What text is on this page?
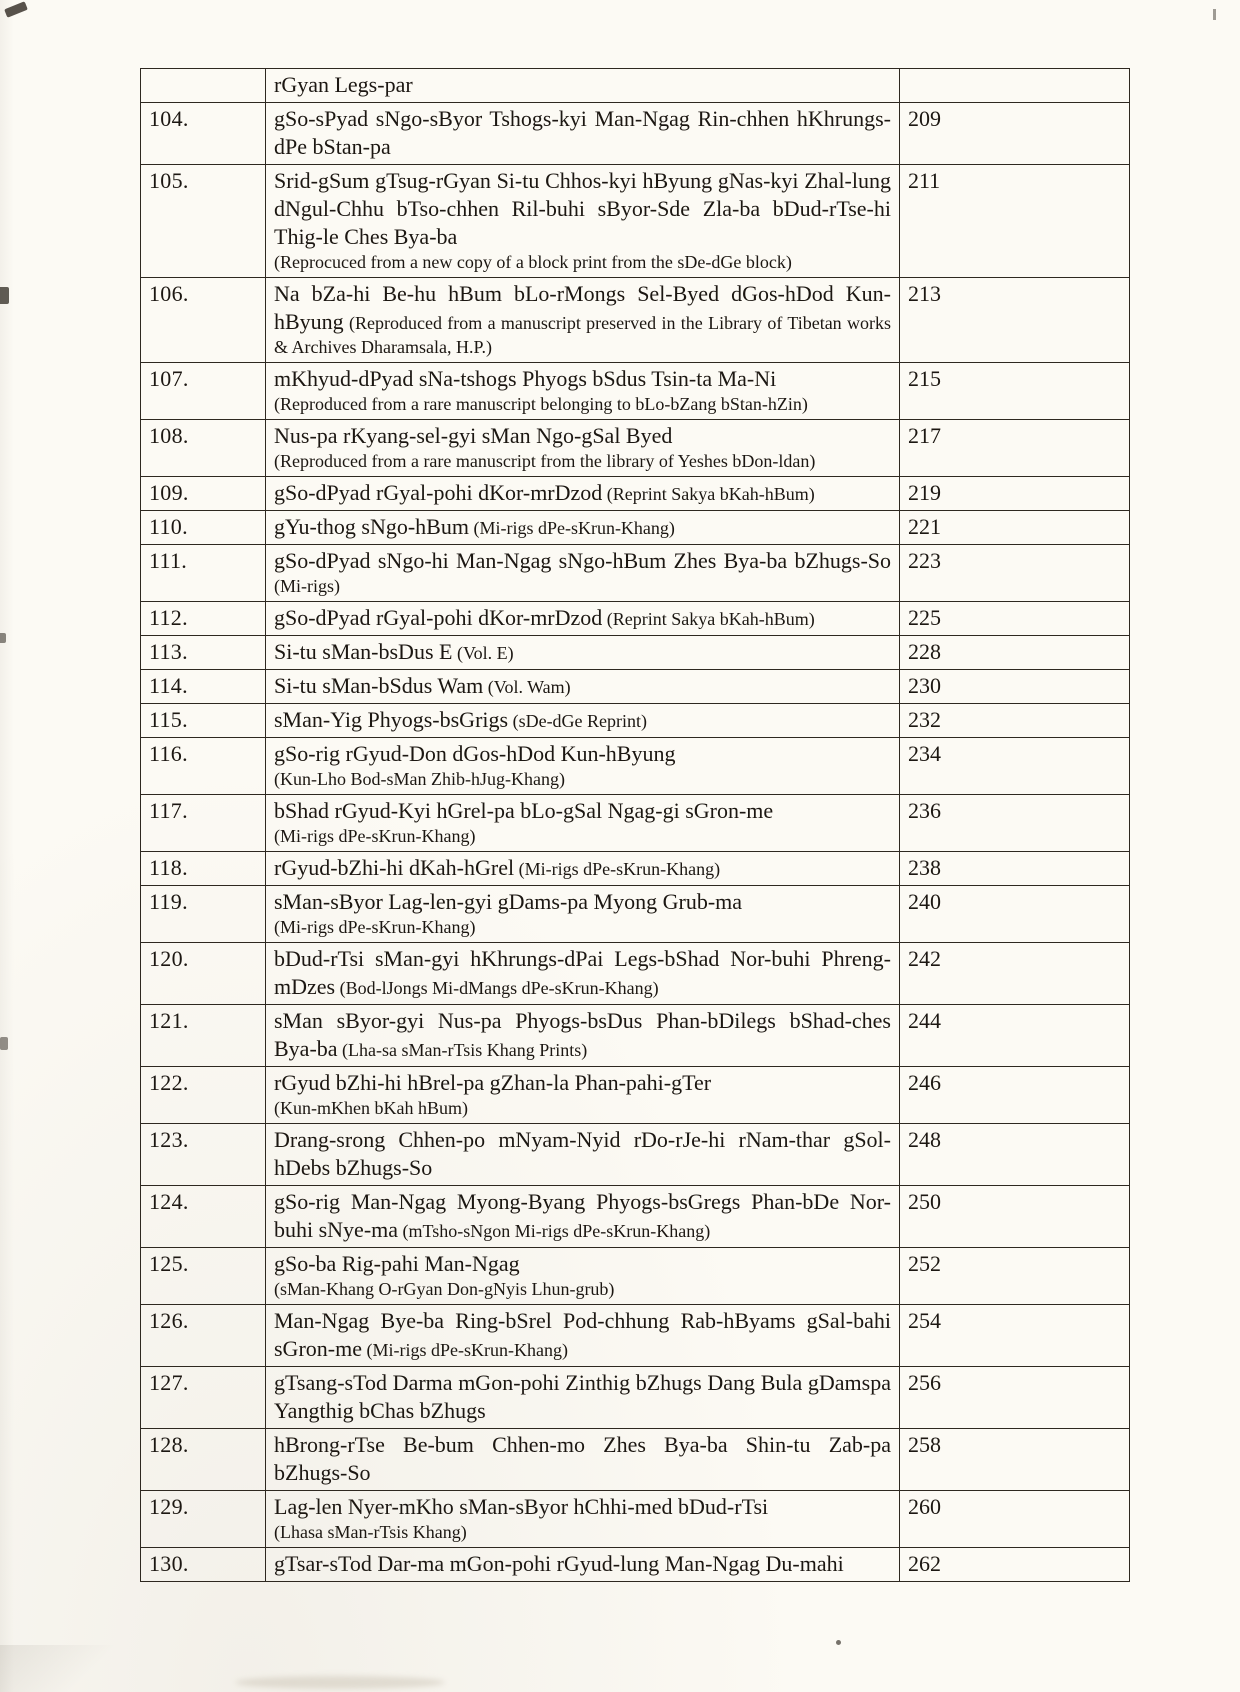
	rGyan Legs-par	
104.	gSo-sPyad sNgo-sByor Tshogs-kyi Man-Ngag Rin-chhen hKhrungs-dPe bStan-pa	209
105.	Srid-gSum gTsug-rGyan Si-tu Chhos-kyi hByung gNas-kyi Zhal-lung dNgul-Chhu bTso-chhen Ril-buhi sByor-Sde Zla-ba bDud-rTse-hi Thig-le Ches Bya-ba
(Reprocuced from a new copy of a block print from the sDe-dGe block)	211
106.	Na bZa-hi Be-hu hBum bLo-rMongs Sel-Byed dGos-hDod Kun-hByung (Reproduced from a manuscript preserved in the Library of Tibetan works & Archives Dharamsala, H.P.)	213
107.	mKhyud-dPyad sNa-tshogs Phyogs bSdus Tsin-ta Ma-Ni
(Reproduced from a rare manuscript belonging to bLo-bZang bStan-hZin)	215
108.	Nus-pa rKyang-sel-gyi sMan Ngo-gSal Byed
(Reproduced from a rare manuscript from the library of Yeshes bDon-ldan)	217
109.	gSo-dPyad rGyal-pohi dKor-mrDzod (Reprint Sakya bKah-hBum)	219
110.	gYu-thog sNgo-hBum (Mi-rigs dPe-sKrun-Khang)	221
111.	gSo-dPyad sNgo-hi Man-Ngag sNgo-hBum Zhes Bya-ba bZhugs-So (Mi-rigs)	223
112.	gSo-dPyad rGyal-pohi dKor-mrDzod (Reprint Sakya bKah-hBum)	225
113.	Si-tu sMan-bsDus E (Vol. E)	228
114.	Si-tu sMan-bSdus Wam (Vol. Wam)	230
115.	sMan-Yig Phyogs-bsGrigs (sDe-dGe Reprint)	232
116.	gSo-rig rGyud-Don dGos-hDod Kun-hByung
(Kun-Lho Bod-sMan Zhib-hJug-Khang)	234
117.	bShad rGyud-Kyi hGrel-pa bLo-gSal Ngag-gi sGron-me
(Mi-rigs dPe-sKrun-Khang)	236
118.	rGyud-bZhi-hi dKah-hGrel (Mi-rigs dPe-sKrun-Khang)	238
119.	sMan-sByor Lag-len-gyi gDams-pa Myong Grub-ma
(Mi-rigs dPe-sKrun-Khang)	240
120.	bDud-rTsi sMan-gyi hKhrungs-dPai Legs-bShad Nor-buhi Phreng-mDzes (Bod-lJongs Mi-dMangs dPe-sKrun-Khang)	242
121.	sMan sByor-gyi Nus-pa Phyogs-bsDus Phan-bDilegs bShad-ches Bya-ba (Lha-sa sMan-rTsis Khang Prints)	244
122.	rGyud bZhi-hi hBrel-pa gZhan-la Phan-pahi-gTer
(Kun-mKhen bKah hBum)	246
123.	Drang-srong Chhen-po mNyam-Nyid rDo-rJe-hi rNam-thar gSol-hDebs bZhugs-So	248
124.	gSo-rig Man-Ngag Myong-Byang Phyogs-bsGregs Phan-bDe Nor-buhi sNye-ma (mTsho-sNgon Mi-rigs dPe-sKrun-Khang)	250
125.	gSo-ba Rig-pahi Man-Ngag
(sMan-Khang O-rGyan Don-gNyis Lhun-grub)	252
126.	Man-Ngag Bye-ba Ring-bSrel Pod-chhung Rab-hByams gSal-bahi sGron-me (Mi-rigs dPe-sKrun-Khang)	254
127.	gTsang-sTod Darma mGon-pohi Zinthig bZhugs Dang Bula gDamspa Yangthig bChas bZhugs	256
128.	hBrong-rTse Be-bum Chhen-mo Zhes Bya-ba Shin-tu Zab-pa bZhugs-So	258
129.	Lag-len Nyer-mKho sMan-sByor hChhi-med bDud-rTsi
(Lhasa sMan-rTsis Khang)	260
130.	gTsar-sTod Dar-ma mGon-pohi rGyud-lung Man-Ngag Du-mahi	262
